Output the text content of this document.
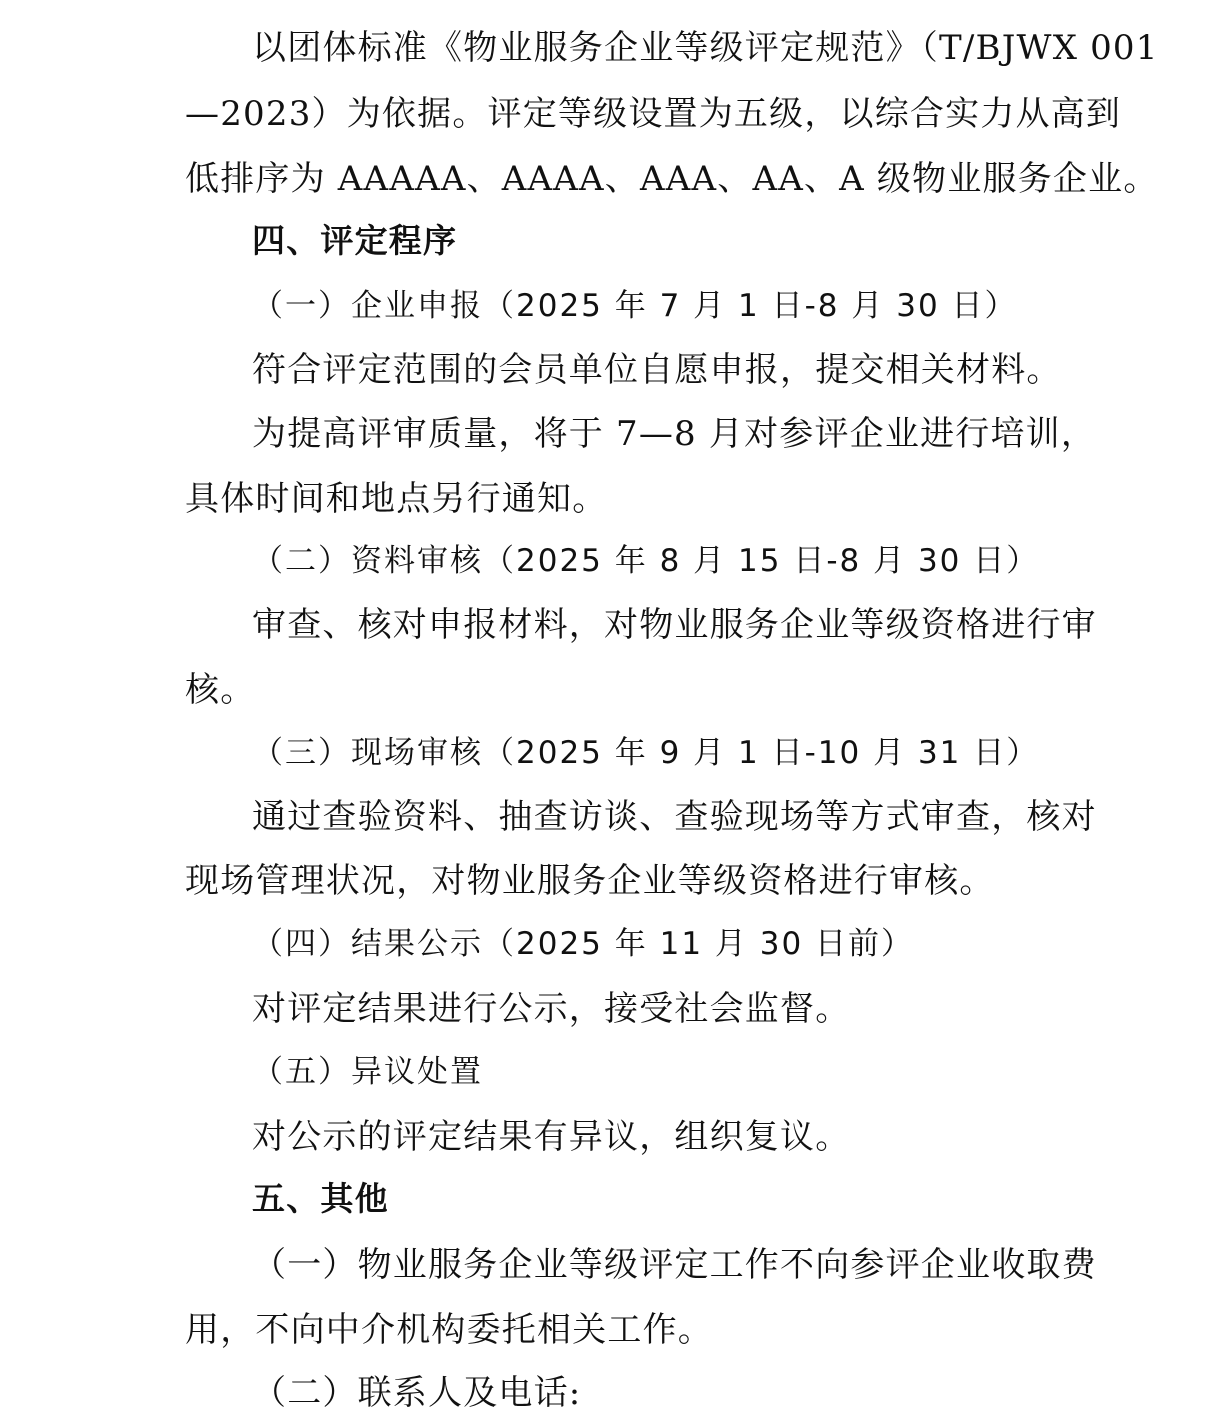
以团体标准《物业服务企业等级评定规范》（T/BJWX 001
—2023）为依据。评定等级设置为五级，以综合实力从高到
低排序为 AAAAA、AAAA、AAA、AA、A 级物业服务企业。
四、评定程序
（一）企业申报（2025 年 7 月 1 日-8 月 30 日）
符合评定范围的会员单位自愿申报，提交相关材料。
为提高评审质量，将于 7—8 月对参评企业进行培训，
具体时间和地点另行通知。
（二）资料审核（2025 年 8 月 15 日-8 月 30 日）
审查、核对申报材料，对物业服务企业等级资格进行审
核。
（三）现场审核（2025 年 9 月 1 日-10 月 31 日）
通过查验资料、抽查访谈、查验现场等方式审查，核对
现场管理状况，对物业服务企业等级资格进行审核。
（四）结果公示（2025 年 11 月 30 日前）
对评定结果进行公示，接受社会监督。
（五）异议处置
对公示的评定结果有异议，组织复议。
五、其他
（一）物业服务企业等级评定工作不向参评企业收取费
用，不向中介机构委托相关工作。
（二）联系人及电话:
